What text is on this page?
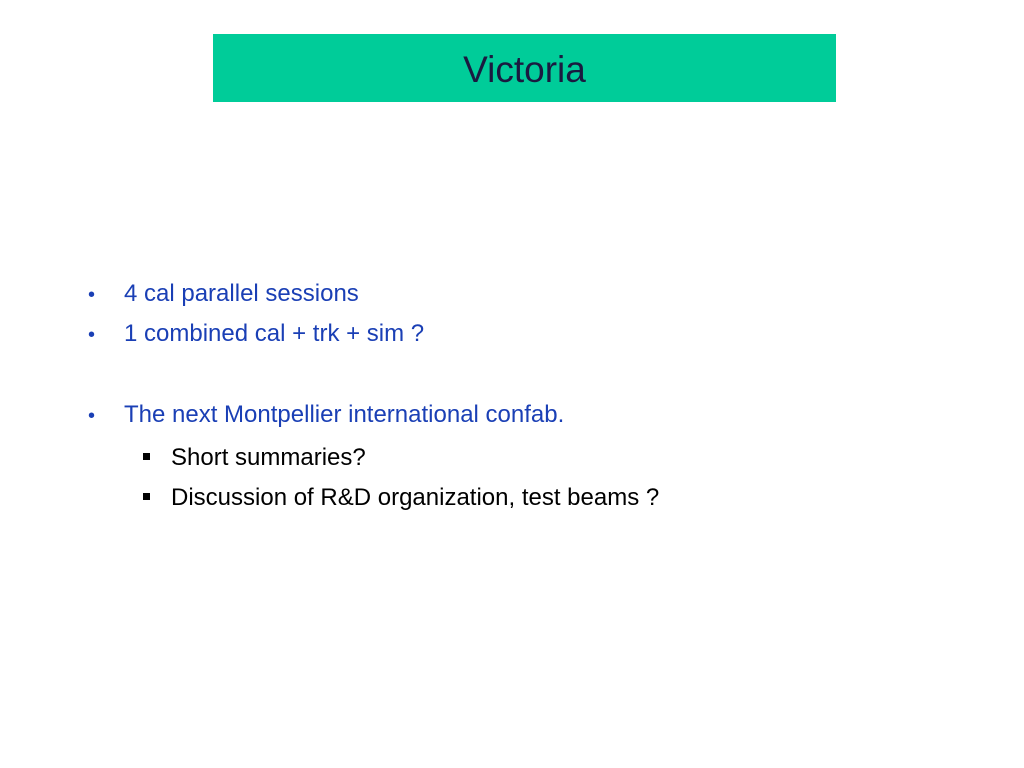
Victoria
•	4 cal parallel sessions
•	1 combined cal + trk + sim ?
•	The next Montpellier international confab.
Short summaries?
Discussion of R&D organization, test beams ?
